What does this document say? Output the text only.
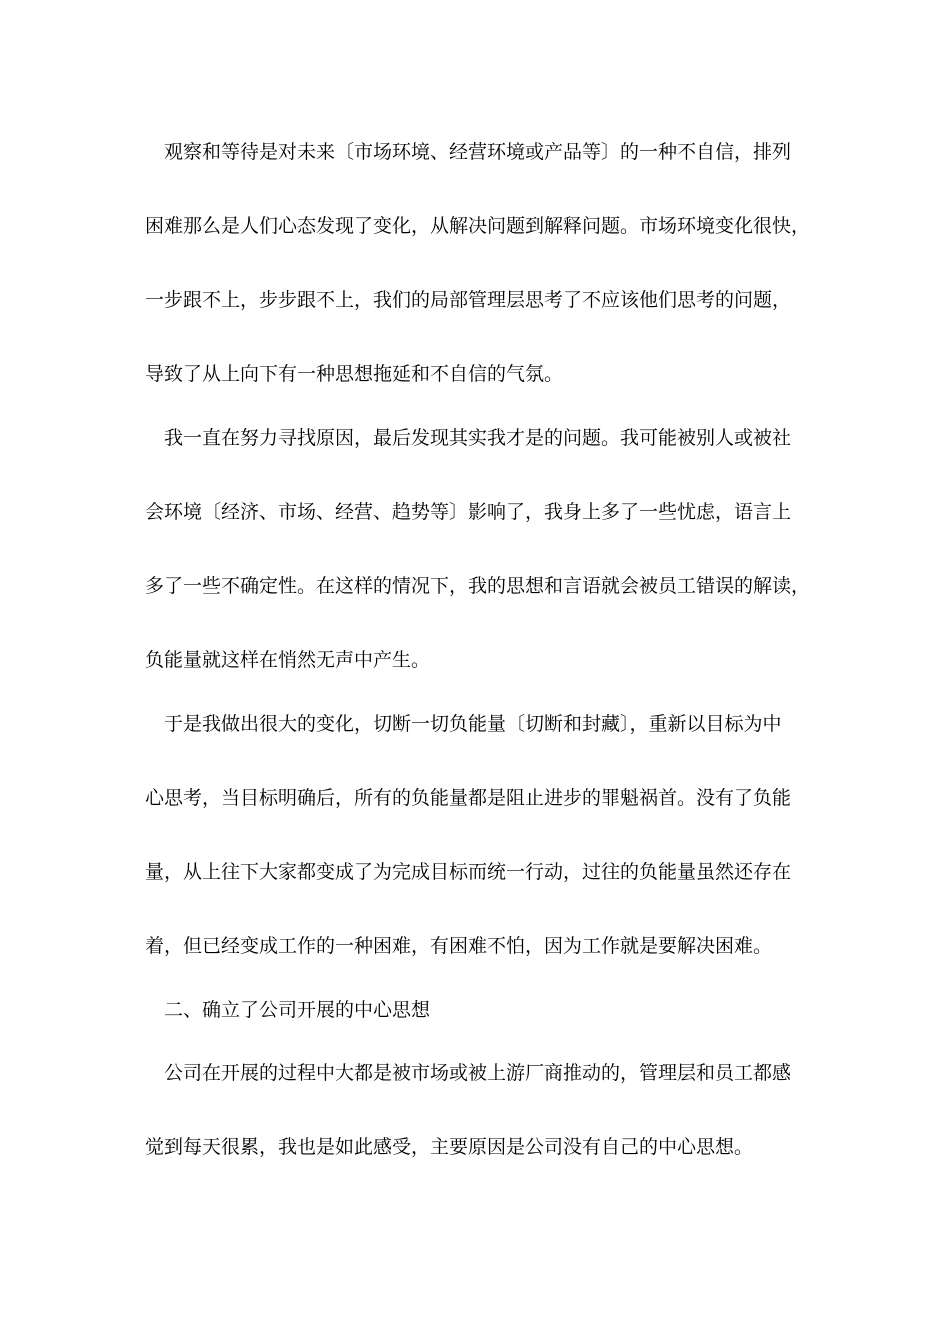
观察和等待是对未来〔市场环境、经营环境或产品等〕的一种不自信，排列
困难那么是人们心态发现了变化，从解决问题到解释问题。市场环境变化很快，
一步跟不上，步步跟不上，我们的局部管理层思考了不应该他们思考的问题，
导致了从上向下有一种思想拖延和不自信的气氛。
我一直在努力寻找原因，最后发现其实我才是的问题。我可能被别人或被社
会环境〔经济、市场、经营、趋势等〕影响了，我身上多了一些忧虑，语言上
多了一些不确定性。在这样的情况下，我的思想和言语就会被员工错误的解读，
负能量就这样在悄然无声中产生。
于是我做出很大的变化，切断一切负能量〔切断和封藏〕，重新以目标为中
心思考，当目标明确后，所有的负能量都是阻止进步的罪魁祸首。没有了负能
量，从上往下大家都变成了为完成目标而统一行动，过往的负能量虽然还存在
着，但已经变成工作的一种困难，有困难不怕，因为工作就是要解决困难。
二、确立了公司开展的中心思想
公司在开展的过程中大都是被市场或被上游厂商推动的，管理层和员工都感
觉到每天很累，我也是如此感受，主要原因是公司没有自己的中心思想。
